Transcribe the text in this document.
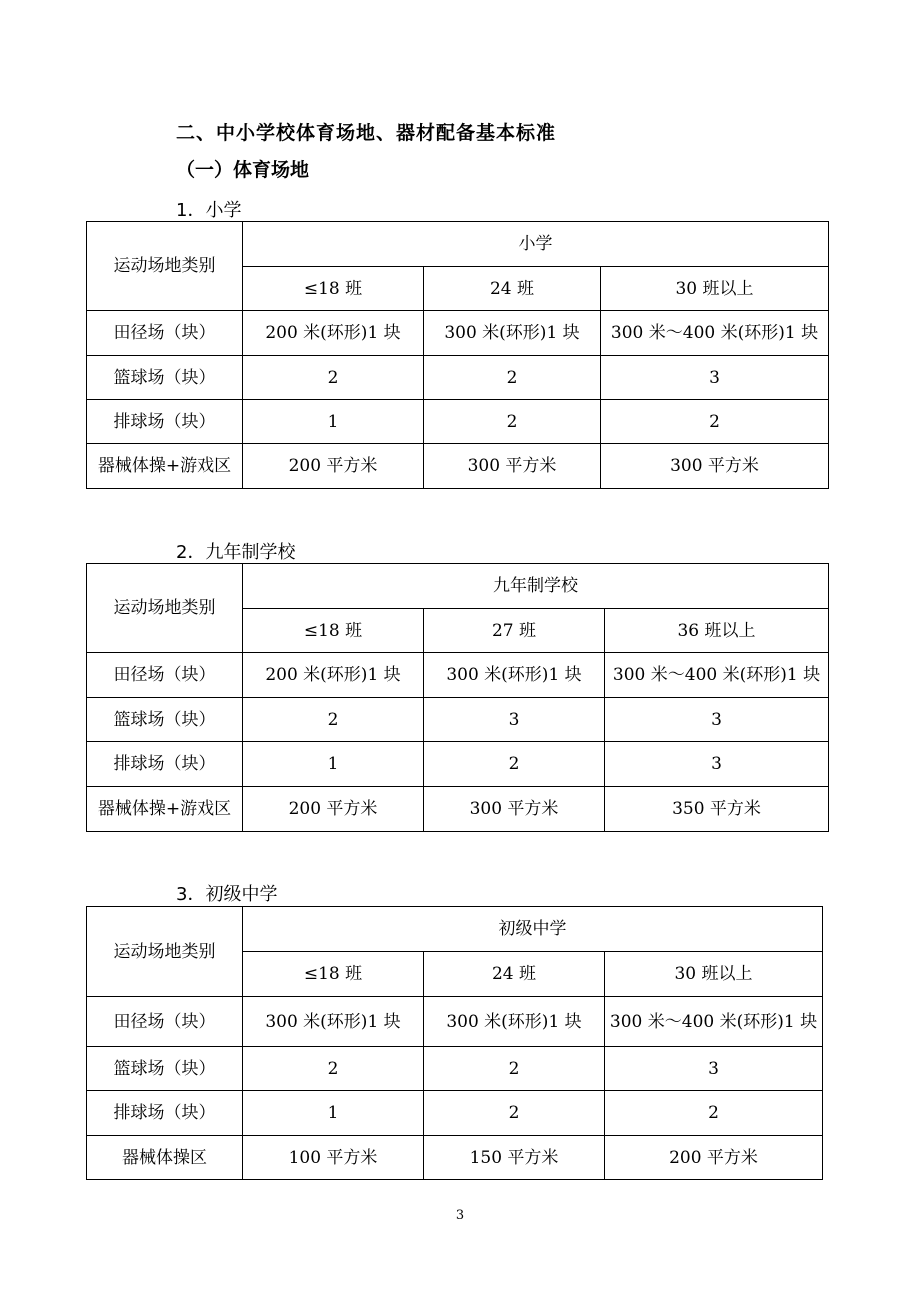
二、中小学校体育场地、器材配备基本标准
（一）体育场地
1．小学
运动场地类别	小学		
	≤18 班	24 班	30 班以上
田径场（块）	200 米(环形)1 块	300 米(环形)1 块	300 米～400 米(环形)1 块
篮球场（块）	2	2	3
排球场（块）	1	2	2
器械体操+游戏区	200 平方米	300 平方米	300 平方米
2．九年制学校
运动场地类别	九年制学校		
	≤18 班	27 班	36 班以上
田径场（块）	200 米(环形)1 块	300 米(环形)1 块	300 米～400 米(环形)1 块
篮球场（块）	2	3	3
排球场（块）	1	2	3
器械体操+游戏区	200 平方米	300 平方米	350 平方米
3．初级中学
运动场地类别	初级中学		
	≤18 班	24 班	30 班以上
田径场（块）	300 米(环形)1 块	300 米(环形)1 块	300 米～400 米(环形)1 块
篮球场（块）	2	2	3
排球场（块）	1	2	2
器械体操区	100 平方米	150 平方米	200 平方米
3
